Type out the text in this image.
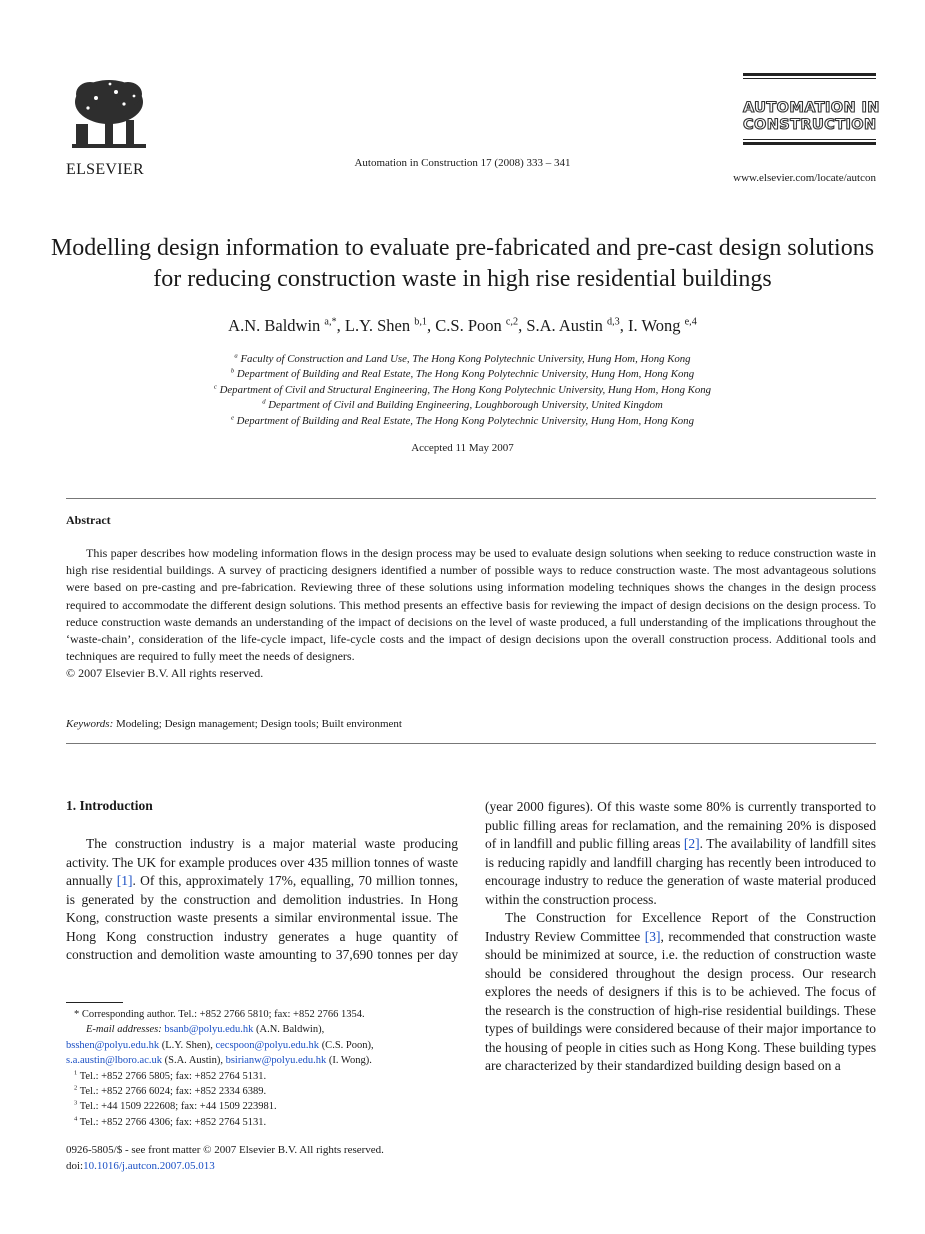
ELSEVIER	Automation in Construction 17 (2008) 333 – 341
AUTOMATION IN
CONSTRUCTION
www.elsevier.com/locate/autcon
Modelling design information to evaluate pre-fabricated and pre-cast design solutions for reducing construction waste in high rise residential buildings
A.N. Baldwin $^{a,*}$, L.Y. Shen $^{b,1}$, C.S. Poon $^{c,2}$, S.A. Austin $^{d,3}$, I. Wong $^{e,4}$
$^a$ Faculty of Construction and Land Use, The Hong Kong Polytechnic University, Hung Hom, Hong Kong
$^b$ Department of Building and Real Estate, The Hong Kong Polytechnic University, Hung Hom, Hong Kong
$^c$ Department of Civil and Structural Engineering, The Hong Kong Polytechnic University, Hung Hom, Hong Kong
$^d$ Department of Civil and Building Engineering, Loughborough University, United Kingdom
$^e$ Department of Building and Real Estate, The Hong Kong Polytechnic University, Hung Hom, Hong Kong
Accepted 11 May 2007
Abstract

This paper describes how modeling information flows in the design process may be used to evaluate design solutions when seeking to reduce construction waste in high rise residential buildings. A survey of practicing designers identified a number of possible ways to reduce construction waste. The most advantageous solutions were based on pre-casting and pre-fabrication. Reviewing three of these solutions using information modeling techniques shows the changes in the design process required to accommodate the different design solutions. This method presents an effective basis for reviewing the impact of design decisions on the design process. To reduce construction waste demands an understanding of the impact of decisions on the level of waste produced, a full understanding of the implications throughout the ‘waste-chain’, consideration of the life-cycle impact, life-cycle costs and the impact of design decisions upon the overall construction process. Additional tools and techniques are required to fully meet the needs of designers.

© 2007 Elsevier B.V. All rights reserved.
Keywords: Modeling; Design management; Design tools; Built environment
1. Introduction

The construction industry is a major material waste producing activity. The UK for example produces over 435 million tonnes of waste annually [1]. Of this, approximately 17%, equalling, 70 million tonnes, is generated by the construction and demolition industries. In Hong Kong, construction waste presents a similar environmental issue. The Hong Kong construction industry generates a huge quantity of construction and demolition waste amounting to 37,690 tonnes per day

(year 2000 figures). Of this waste some 80% is currently transported to public filling areas for reclamation, and the remaining 20% is disposed of in landfill and public filling areas [2]. The availability of landfill sites is reducing rapidly and landfill charging has recently been introduced to encourage industry to reduce the generation of waste material produced within the construction process.

The Construction for Excellence Report of the Construction Industry Review Committee [3], recommended that construction waste should be minimized at source, i.e. the reduction of construction waste should be considered throughout the design process. Our research explores the needs of designers if this is to be achieved. The focus of the research is the construction of high-rise residential buildings. These types of buildings were considered because of their major importance to the housing of people in cities such as Hong Kong. These building types are characterized by their standardized building design based on a

* Corresponding author. Tel.: +852 2766 5810; fax: +852 2766 1354.
E-mail addresses: bsanb@polyu.edu.hk (A.N. Baldwin),
bsshen@polyu.edu.hk (L.Y. Shen), cecspoon@polyu.edu.hk (C.S. Poon),
s.a.austin@lboro.ac.uk (S.A. Austin), bsirianw@polyu.edu.hk (I. Wong).
$^1$ Tel.: +852 2766 5805; fax: +852 2764 5131.
$^2$ Tel.: +852 2766 6024; fax: +852 2334 6389.
$^3$ Tel.: +44 1509 222608; fax: +44 1509 223981.
$^4$ Tel.: +852 2766 4306; fax: +852 2764 5131.
0926-5805/$ - see front matter © 2007 Elsevier B.V. All rights reserved.
doi:10.1016/j.autcon.2007.05.013
